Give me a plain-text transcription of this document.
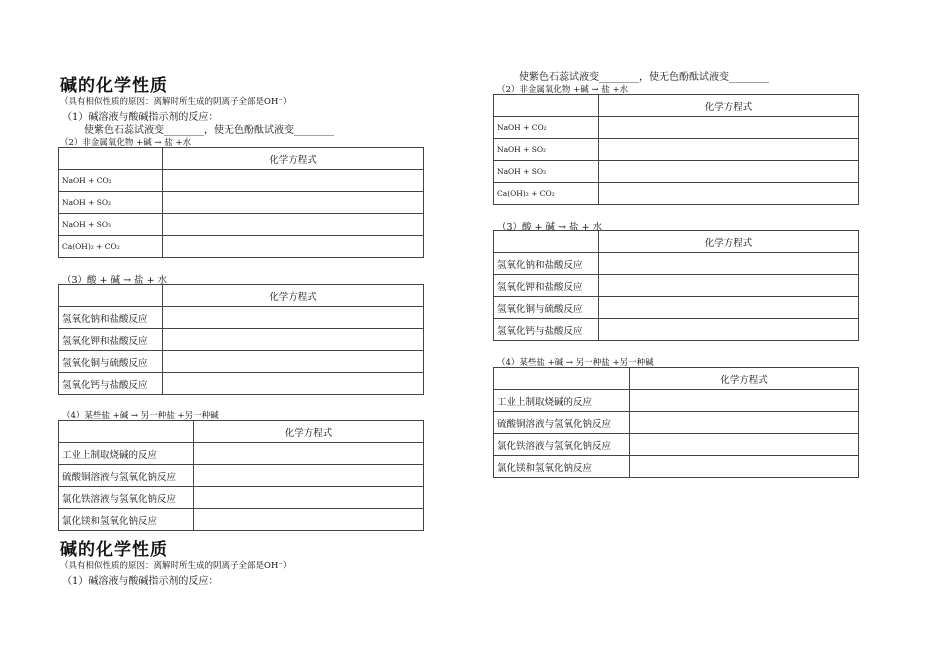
碱的化学性质
（具有相似性质的原因：离解时所生成的阴离子全部是OH⁻）
（1）碱溶液与酸碱指示剂的反应：
使紫色石蕊试液变________，使无色酚酞试液变________
（2）非金属氧化物 +碱 → 盐 +水
	化学方程式
NaOH + CO₂	
NaOH + SO₂	
NaOH + SO₃	
Ca(OH)₂ + CO₂	
（3）酸 + 碱 → 盐 + 水
	化学方程式
氢氧化钠和盐酸反应	
氢氧化钾和盐酸反应	
氢氧化铜与硫酸反应	
氢氧化钙与盐酸反应	
（4）某些盐 +碱 → 另一种盐 +另一种碱
	化学方程式
工业上制取烧碱的反应	
硫酸铜溶液与氢氧化钠反应	
氯化铁溶液与氢氧化钠反应	
氯化镁和氢氧化钠反应	
碱的化学性质
（具有相似性质的原因：离解时所生成的阴离子全部是OH⁻）
（1）碱溶液与酸碱指示剂的反应：
使紫色石蕊试液变________，使无色酚酞试液变________
（2）非金属氧化物 +碱 → 盐 +水
	化学方程式
NaOH + CO₂	
NaOH + SO₂	
NaOH + SO₃	
Ca(OH)₂ + CO₂	
（3）酸 + 碱 → 盐 + 水
	化学方程式
氢氧化钠和盐酸反应	
氢氧化钾和盐酸反应	
氢氧化铜与硫酸反应	
氢氧化钙与盐酸反应	
（4）某些盐 +碱 → 另一种盐 +另一种碱
	化学方程式
工业上制取烧碱的反应	
硫酸铜溶液与氢氧化钠反应	
氯化铁溶液与氢氧化钠反应	
氯化镁和氢氧化钠反应	
